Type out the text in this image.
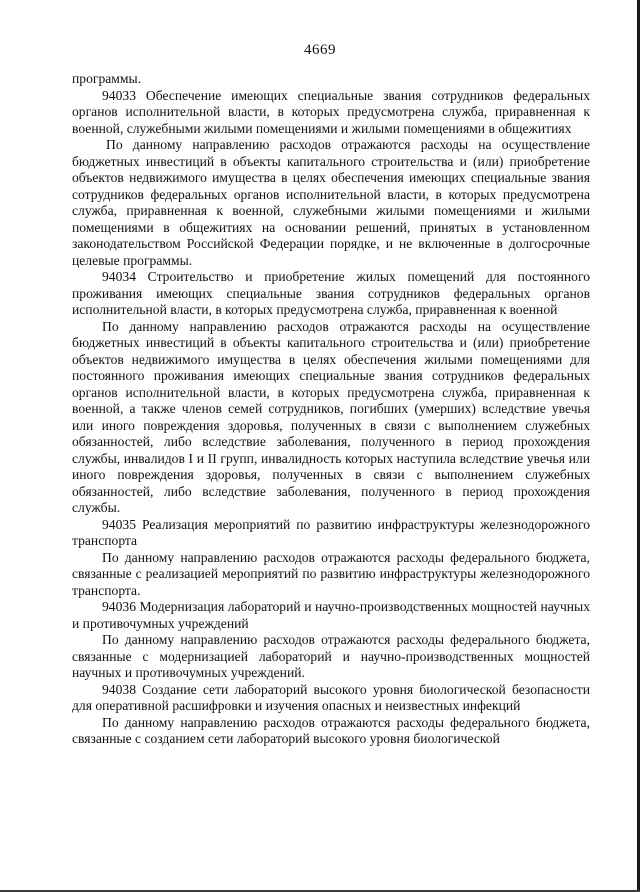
4669

программы.

94033 Обеспечение имеющих специальные звания сотрудников федеральных органов исполнительной власти, в которых предусмотрена служба, приравненная к военной, служебными жилыми помещениями и жилыми помещениями в общежитиях

По данному направлению расходов отражаются расходы на осуществление бюджетных инвестиций в объекты капитального строительства и (или) приобретение объектов недвижимого имущества в целях обеспечения имеющих специальные звания сотрудников федеральных органов исполнительной власти, в которых предусмотрена служба, приравненная к военной, служебными жилыми помещениями и жилыми помещениями в общежитиях на основании решений, принятых в установленном законодательством Российской Федерации порядке, и не включенные в долгосрочные целевые программы.

94034 Строительство и приобретение жилых помещений для постоянного проживания имеющих специальные звания сотрудников федеральных органов исполнительной власти, в которых предусмотрена служба, приравненная к военной

По данному направлению расходов отражаются расходы на осуществление бюджетных инвестиций в объекты капитального строительства и (или) приобретение объектов недвижимого имущества в целях обеспечения жилыми помещениями для постоянного проживания имеющих специальные звания сотрудников федеральных органов исполнительной власти, в которых предусмотрена служба, приравненная к военной, а также членов семей сотрудников, погибших (умерших) вследствие увечья или иного повреждения здоровья, полученных в связи с выполнением служебных обязанностей, либо вследствие заболевания, полученного в период прохождения службы, инвалидов I и II групп, инвалидность которых наступила вследствие увечья или иного повреждения здоровья, полученных в связи с выполнением служебных обязанностей, либо вследствие заболевания, полученного в период прохождения службы.

94035 Реализация мероприятий по развитию инфраструктуры железнодорожного транспорта

По данному направлению расходов отражаются расходы федерального бюджета, связанные с реализацией мероприятий по развитию инфраструктуры железнодорожного транспорта.

94036 Модернизация лабораторий и научно-производственных мощностей научных и противочумных учреждений

По данному направлению расходов отражаются расходы федерального бюджета, связанные с модернизацией лабораторий и научно-производственных мощностей научных и противочумных учреждений.

94038 Создание сети лабораторий высокого уровня биологической безопасности для оперативной расшифровки и изучения опасных и неизвестных инфекций

По данному направлению расходов отражаются расходы федерального бюджета, связанные с созданием сети лабораторий высокого уровня биологической
